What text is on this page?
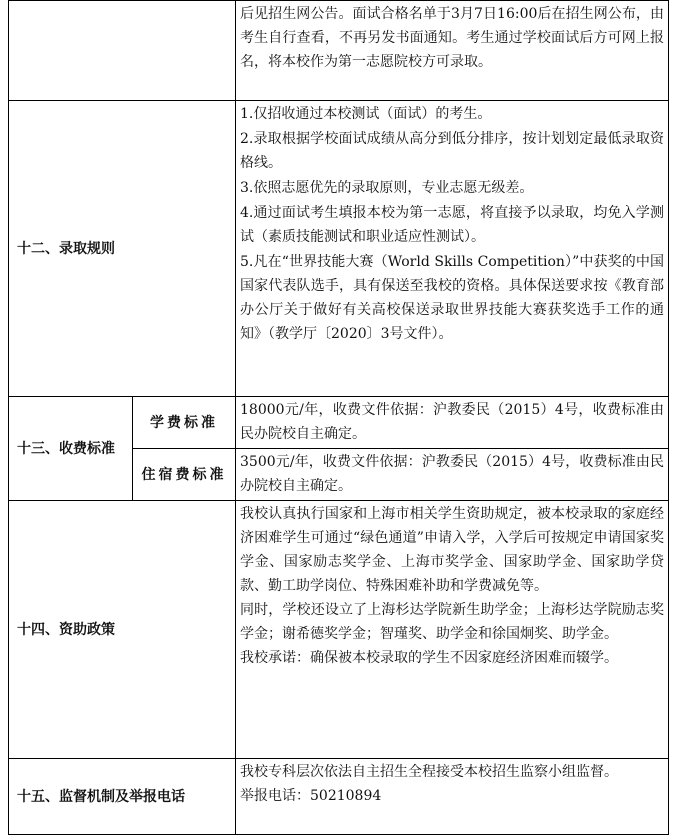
		后见招生网公告。面试合格名单于3月7日16:00后在招生网公布，由考生自行查看，不再另发书面通知。考生通过学校面试后方可网上报名，将本校作为第一志愿院校方可录取。

十二、录取规则		1.仅招收通过本校测试（面试）的考生。

2.录取根据学校面试成绩从高分到低分排序，按计划划定最低录取资格线。

3.依照志愿优先的录取原则，专业志愿无级差。

4.通过面试考生填报本校为第一志愿，将直接予以录取，均免入学测试（素质技能测试和职业适应性测试）。

5.凡在“世界技能大赛（World Skills Competition）”中获奖的中国国家代表队选手，具有保送至我校的资格。具体保送要求按《教育部办公厅关于做好有关高校保送录取世界技能大赛获奖选手工作的通知》（教学厅〔2020〕3号文件）。

十三、收费标准	学费标准	18000元/年，收费文件依据：沪教委民（2015）4号，收费标准由民办院校自主确定。

	住宿费标准	3500元/年，收费文件依据：沪教委民（2015）4号，收费标准由民办院校自主确定。

十四、资助政策		我校认真执行国家和上海市相关学生资助规定，被本校录取的家庭经济困难学生可通过“绿色通道”申请入学，入学后可按规定申请国家奖学金、国家励志奖学金、上海市奖学金、国家助学金、国家助学贷款、勤工助学岗位、特殊困难补助和学费减免等。

同时，学校还设立了上海杉达学院新生助学金；上海杉达学院励志奖学金；谢希德奖学金；智瑾奖、助学金和徐国炯奖、助学金。

我校承诺：确保被本校录取的学生不因家庭经济困难而辍学。

十五、监督机制及举报电话		我校专科层次依法自主招生全程接受本校招生监察小组监督。

举报电话：50210894
